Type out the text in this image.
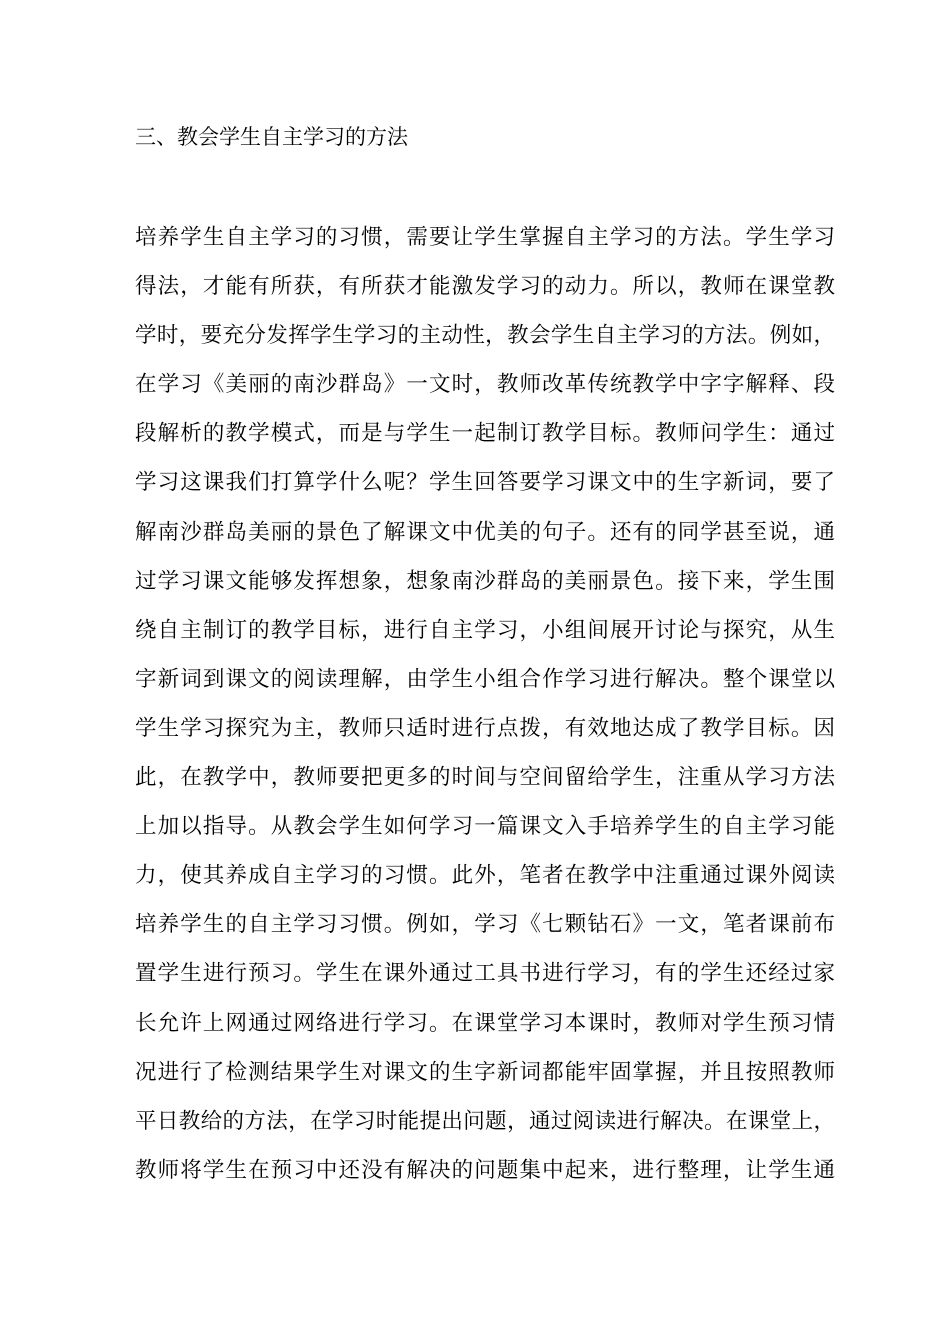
三、教会学生自主学习的方法
培养学生自主学习的习惯，需要让学生掌握自主学习的方法。学生学习
得法，才能有所获，有所获才能激发学习的动力。所以，教师在课堂教
学时，要充分发挥学生学习的主动性，教会学生自主学习的方法。例如，
在学习《美丽的南沙群岛》一文时，教师改革传统教学中字字解释、段
段解析的教学模式，而是与学生一起制订教学目标。教师问学生：通过
学习这课我们打算学什么呢？学生回答要学习课文中的生字新词，要了
解南沙群岛美丽的景色了解课文中优美的句子。还有的同学甚至说，通
过学习课文能够发挥想象，想象南沙群岛的美丽景色。接下来，学生围
绕自主制订的教学目标，进行自主学习，小组间展开讨论与探究，从生
字新词到课文的阅读理解，由学生小组合作学习进行解决。整个课堂以
学生学习探究为主，教师只适时进行点拨，有效地达成了教学目标。因
此，在教学中，教师要把更多的时间与空间留给学生，注重从学习方法
上加以指导。从教会学生如何学习一篇课文入手培养学生的自主学习能
力，使其养成自主学习的习惯。此外，笔者在教学中注重通过课外阅读
培养学生的自主学习习惯。例如，学习《七颗钻石》一文，笔者课前布
置学生进行预习。学生在课外通过工具书进行学习，有的学生还经过家
长允许上网通过网络进行学习。在课堂学习本课时，教师对学生预习情
况进行了检测结果学生对课文的生字新词都能牢固掌握，并且按照教师
平日教给的方法，在学习时能提出问题，通过阅读进行解决。在课堂上，
教师将学生在预习中还没有解决的问题集中起来，进行整理，让学生通
